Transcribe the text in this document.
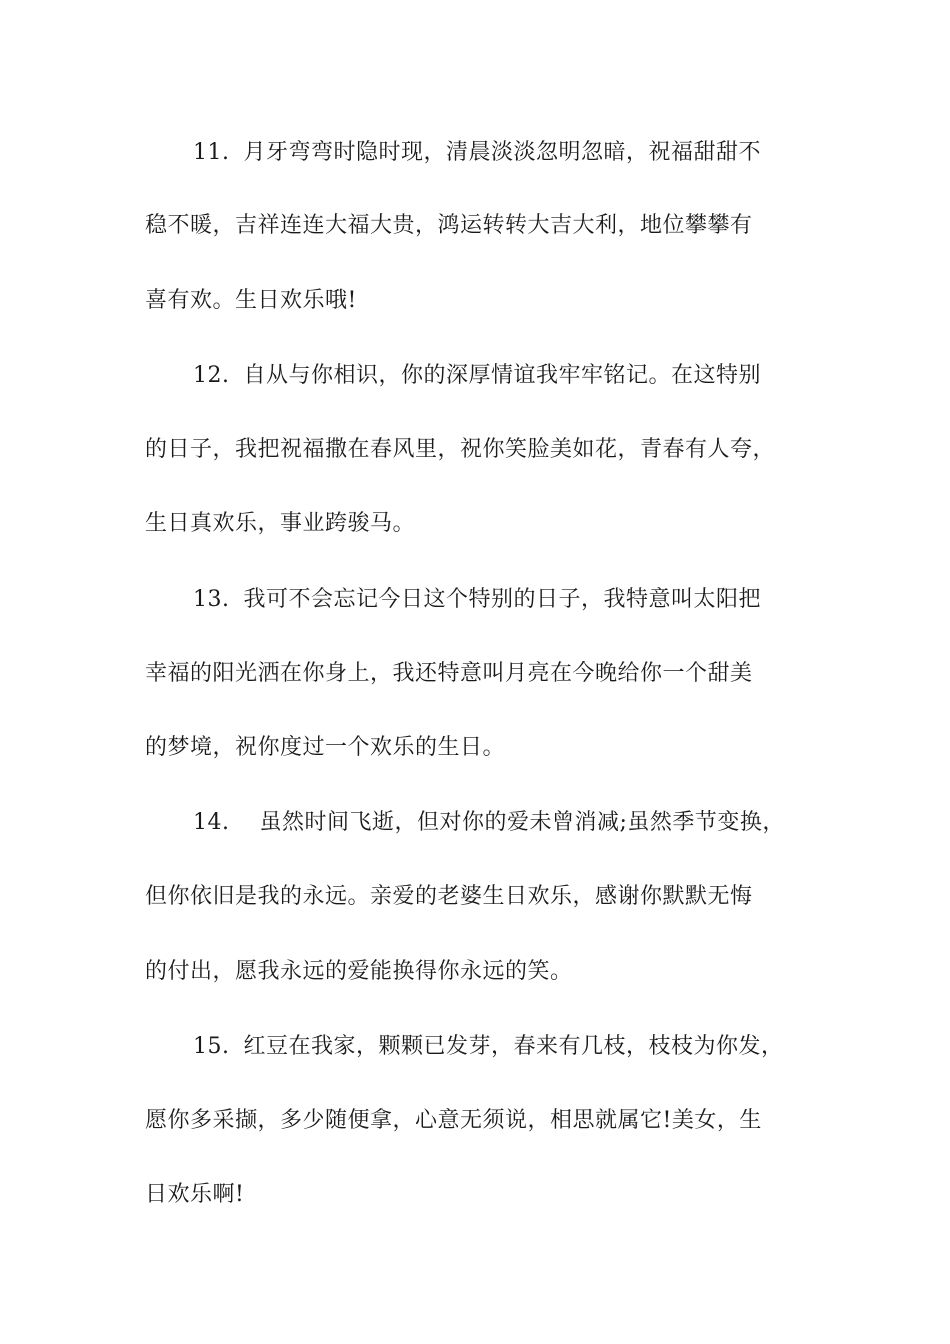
11. 月牙弯弯时隐时现，清晨淡淡忽明忽暗，祝福甜甜不
稳不暖，吉祥连连大福大贵，鸿运转转大吉大利，地位攀攀有
喜有欢。生日欢乐哦!
12. 自从与你相识，你的深厚情谊我牢牢铭记。在这特别
的日子，我把祝福撒在春风里，祝你笑脸美如花，青春有人夸，
生日真欢乐，事业跨骏马。
13. 我可不会忘记今日这个特别的日子，我特意叫太阳把
幸福的阳光洒在你身上，我还特意叫月亮在今晚给你一个甜美
的梦境，祝你度过一个欢乐的生日。
14. 虽然时间飞逝，但对你的爱未曾消减;虽然季节变换，
但你依旧是我的永远。亲爱的老婆生日欢乐，感谢你默默无悔
的付出，愿我永远的爱能换得你永远的笑。
15. 红豆在我家，颗颗已发芽，春来有几枝，枝枝为你发，
愿你多采撷，多少随便拿，心意无须说，相思就属它!美女，生
日欢乐啊!
